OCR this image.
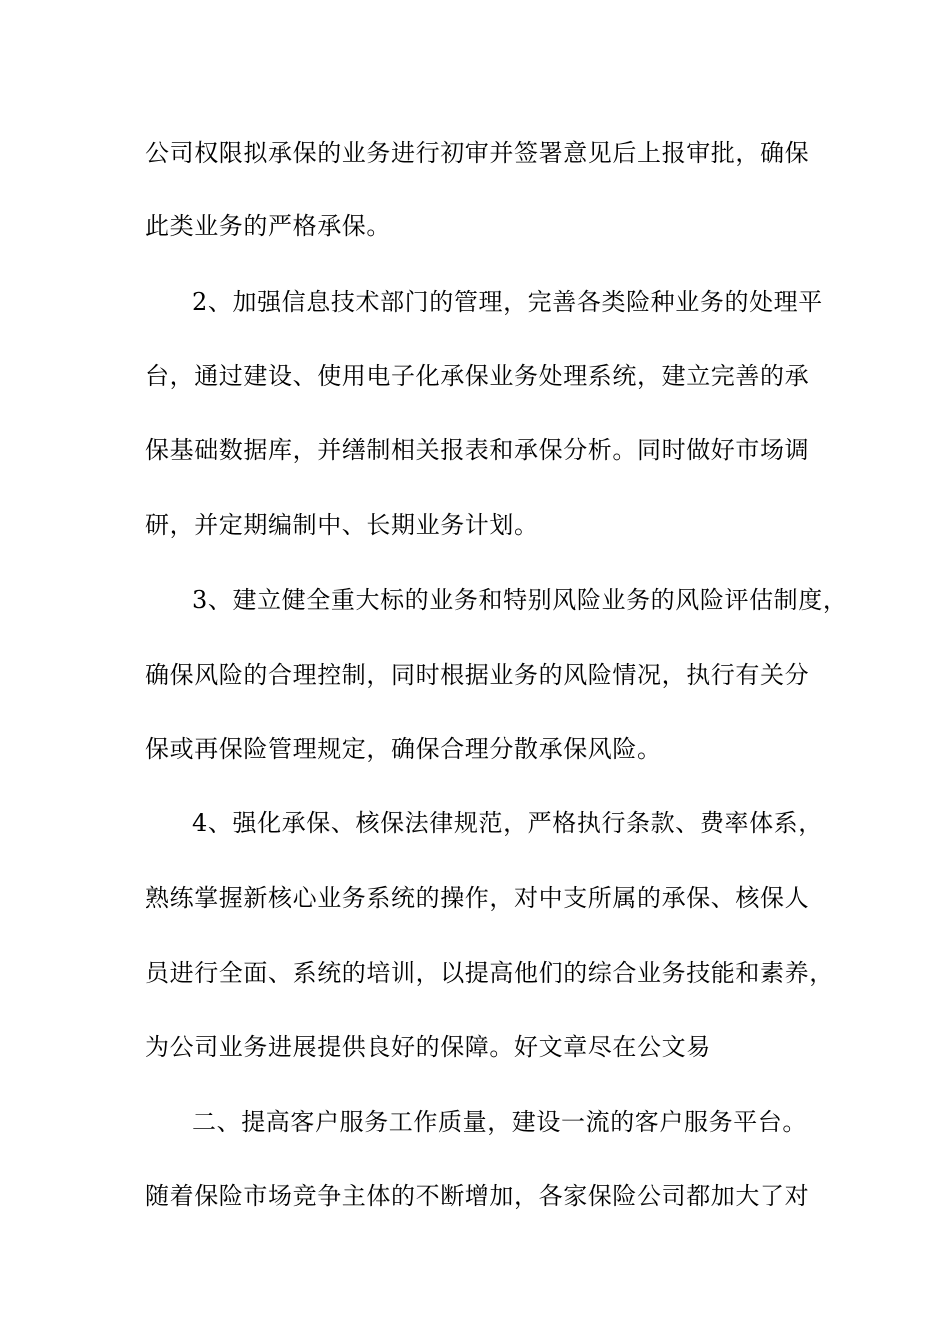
公司权限拟承保的业务进行初审并签署意见后上报审批，确保
此类业务的严格承保。
2、加强信息技术部门的管理，完善各类险种业务的处理平
台，通过建设、使用电子化承保业务处理系统，建立完善的承
保基础数据库，并缮制相关报表和承保分析。同时做好市场调
研，并定期编制中、长期业务计划。
3、建立健全重大标的业务和特别风险业务的风险评估制度，
确保风险的合理控制，同时根据业务的风险情况，执行有关分
保或再保险管理规定，确保合理分散承保风险。
4、强化承保、核保法律规范，严格执行条款、费率体系，
熟练掌握新核心业务系统的操作，对中支所属的承保、核保人
员进行全面、系统的培训，以提高他们的综合业务技能和素养，
为公司业务进展提供良好的保障。好文章尽在公文易
二、提高客户服务工作质量，建设一流的客户服务平台。
随着保险市场竞争主体的不断增加，各家保险公司都加大了对
